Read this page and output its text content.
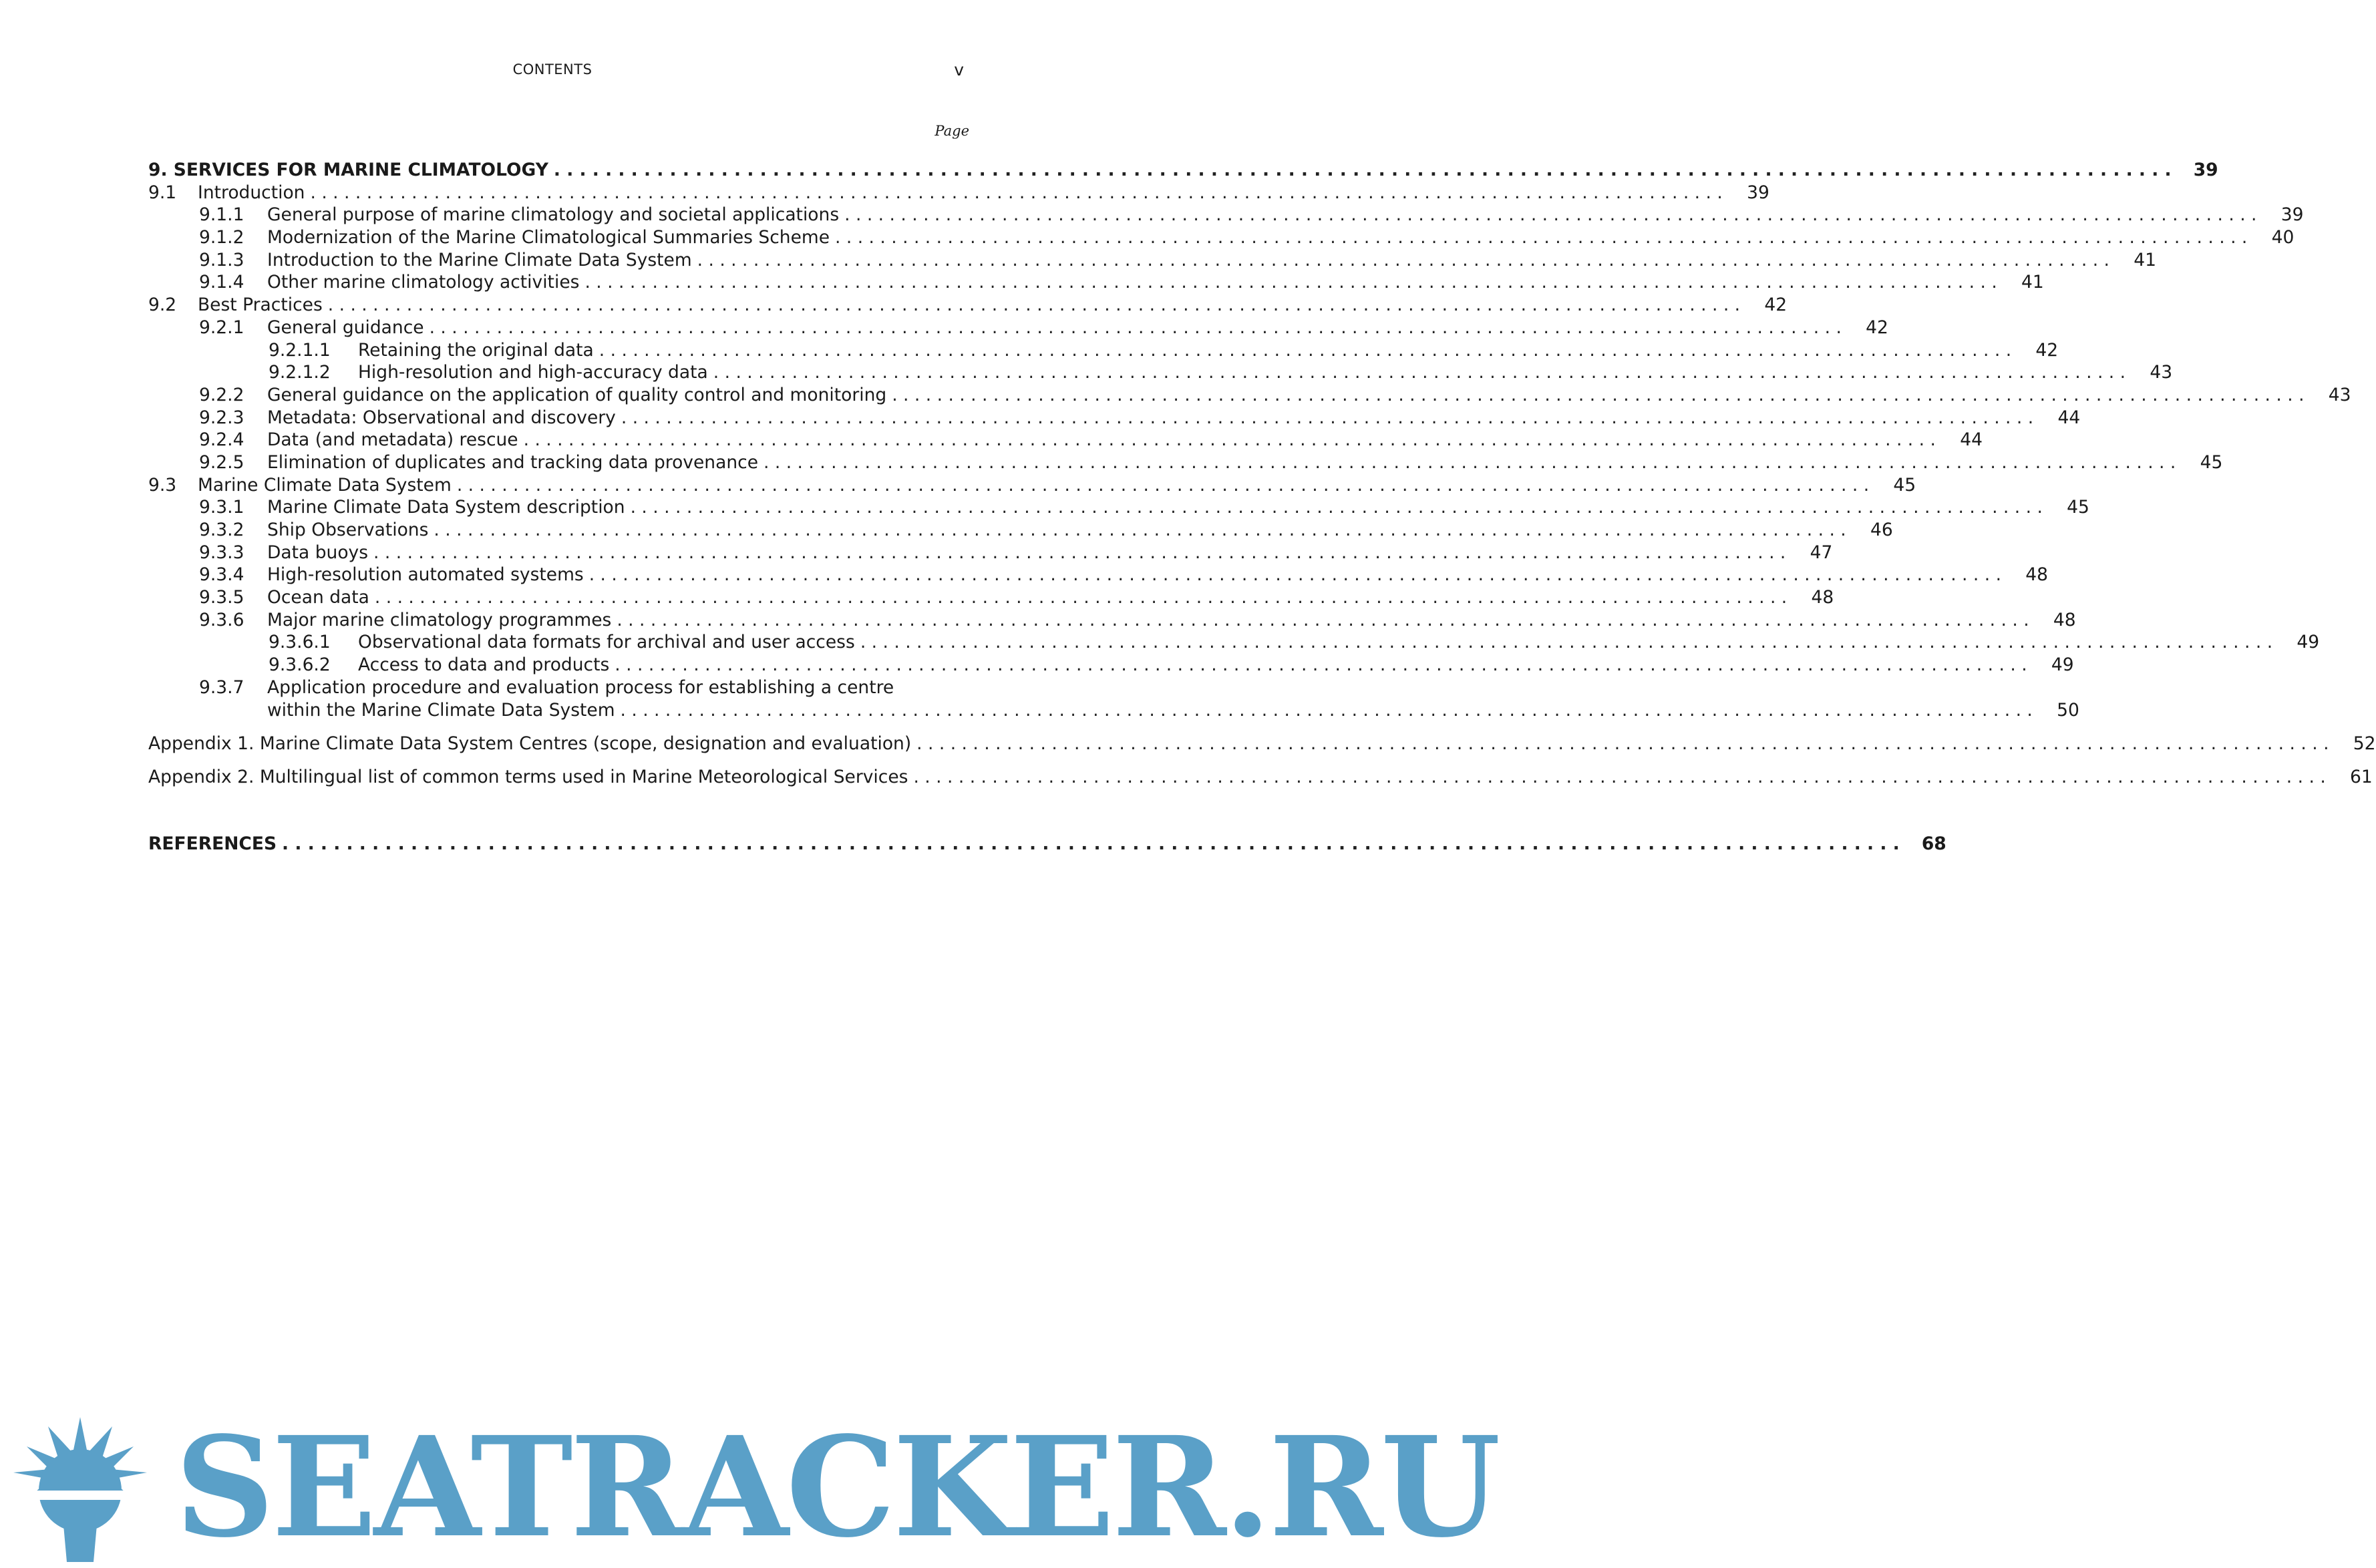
CONTENTS	v
Page
9. SERVICES FOR MARINE CLIMATOLOGY . . .	39
9.1	Introduction . . .	39
9.1.1	General purpose of marine climatology and societal applications . . .	39
9.1.2	Modernization of the Marine Climatological Summaries Scheme . . .	40
9.1.3	Introduction to the Marine Climate Data System . . .	41
9.1.4	Other marine climatology activities . . .	41
9.2	Best Practices . . .	42
9.2.1	General guidance . . .	42
9.2.1.1	Retaining the original data . . .	42
9.2.1.2	High-resolution and high-accuracy data . . .	43
9.2.2	General guidance on the application of quality control and monitoring . . .	43
9.2.3	Metadata: Observational and discovery . . .	44
9.2.4	Data (and metadata) rescue . . .	44
9.2.5	Elimination of duplicates and tracking data provenance . . .	45
9.3	Marine Climate Data System . . .	45
9.3.1	Marine Climate Data System description . . .	45
9.3.2	Ship Observations . . .	46
9.3.3	Data buoys . . .	47
9.3.4	High-resolution automated systems . . .	48
9.3.5	Ocean data . . .	48
9.3.6	Major marine climatology programmes . . .	48
9.3.6.1	Observational data formats for archival and user access . . .	49
9.3.6.2	Access to data and products . . .	49
9.3.7	Application procedure and evaluation process for establishing a centre
within the Marine Climate Data System . . .	50
Appendix 1. Marine Climate Data System Centres (scope, designation and evaluation) . . .	52
Appendix 2. Multilingual list of common terms used in Marine Meteorological Services . . .	61
REFERENCES . . .	68
SEATRACKER.RU
